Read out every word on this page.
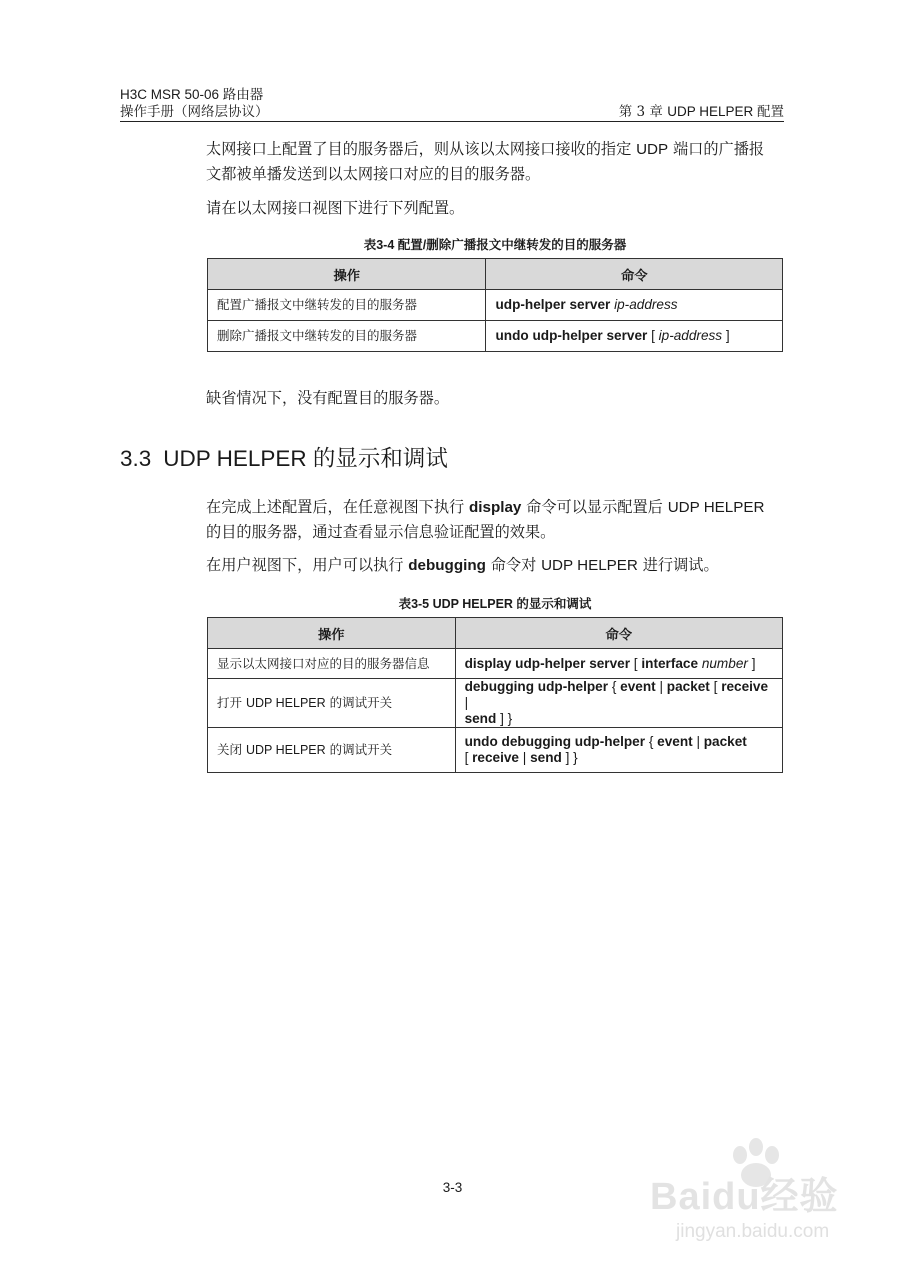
H3C MSR 50-06 路由器
操作手册（网络层协议）	第 3 章 UDP HELPER 配置

太网接口上配置了目的服务器后，则从该以太网接口接收的指定 UDP 端口的广播报
文都被单播发送到以太网接口对应的目的服务器。

请在以太网接口视图下进行下列配置。

表3-4 配置/删除广播报文中继转发的目的服务器
操作	命令
配置广播报文中继转发的目的服务器	udp-helper server ip-address
删除广播报文中继转发的目的服务器	undo udp-helper server [ ip-address ]

缺省情况下，没有配置目的服务器。

3.3 UDP HELPER 的显示和调试

在完成上述配置后，在任意视图下执行 display 命令可以显示配置后 UDP HELPER
的目的服务器，通过查看显示信息验证配置的效果。

在用户视图下，用户可以执行 debugging 命令对 UDP HELPER 进行调试。

表3-5 UDP HELPER 的显示和调试
操作	命令
显示以太网接口对应的目的服务器信息	display udp-helper server [ interface number ]
打开 UDP HELPER 的调试开关	debugging udp-helper { event | packet [ receive |
send ] }
关闭 UDP HELPER 的调试开关	undo debugging udp-helper { event | packet
[ receive | send ] }
3-3	Baidu经验
jingyan.baidu.com
